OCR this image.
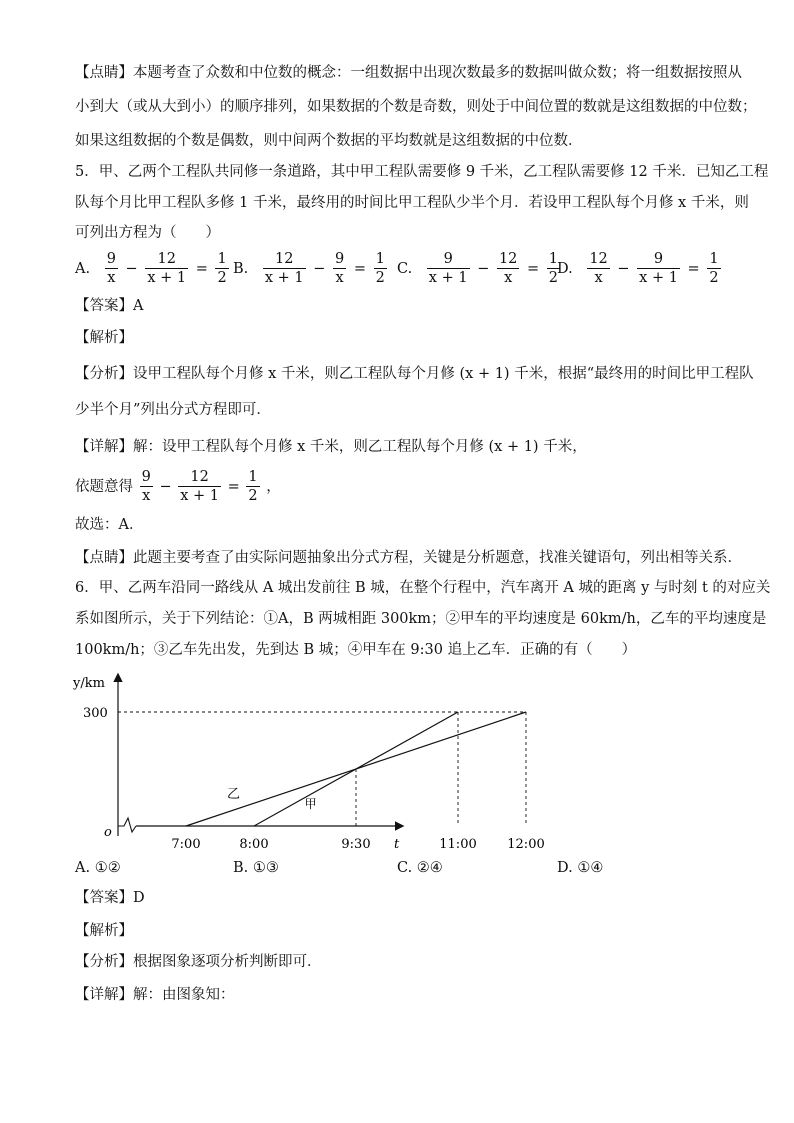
【点睛】本题考查了众数和中位数的概念：一组数据中出现次数最多的数据叫做众数；将一组数据按照从
小到大（或从大到小）的顺序排列，如果数据的个数是奇数，则处于中间位置的数就是这组数据的中位数；
如果这组数据的个数是偶数，则中间两个数据的平均数就是这组数据的中位数．
5．甲、乙两个工程队共同修一条道路，其中甲工程队需要修 9 千米，乙工程队需要修 12 千米．已知乙工程
队每个月比甲工程队多修 1 千米，最终用的时间比甲工程队少半个月．若设甲工程队每个月修 x 千米，则
可列出方程为（　　）
A. $\frac{9}{x} - \frac{12}{x + 1} = \frac{1}{2} B$. $\frac{12}{x + 1} - \frac{9}{x} = \frac{1}{2} C$. $\frac{9}{x + 1} - \frac{12}{x} = \frac{1}{2}$
D. $\frac{12}{x} - \frac{9}{x + 1} = \frac{1}{2}$
【答案】A
【解析】
【分析】设甲工程队每个月修 x 千米，则乙工程队每个月修 (x + 1) 千米，根据“最终用的时间比甲工程队
少半个月”列出分式方程即可．
【详解】解：设甲工程队每个月修 x 千米，则乙工程队每个月修 (x + 1) 千米，
依题意得 $\frac{9}{x} - \frac{12}{x + 1} = \frac{1}{2}$ ，
故选：A．
【点睛】此题主要考查了由实际问题抽象出分式方程，关键是分析题意，找准关键语句，列出相等关系．
6．甲、乙两车沿同一路线从 A 城出发前往 B 城，在整个行程中，汽车离开 A 城的距离 y 与时刻 t 的对应关
系如图所示，关于下列结论：①A，B 两城相距 300km；②甲车的平均速度是 60km/h，乙车的平均速度是
100km/h；③乙车先出发，先到达 B 城；④甲车在 9:30 追上乙车．正确的有（　　）
o
y/km
t
300
7:00	8:00	9:30	11:00 12:00
乙
甲
A. ①②	B. ①③	C. ②④	D. ①④
【答案】D
【解析】
【分析】根据图象逐项分析判断即可．
【详解】解：由图象知：
